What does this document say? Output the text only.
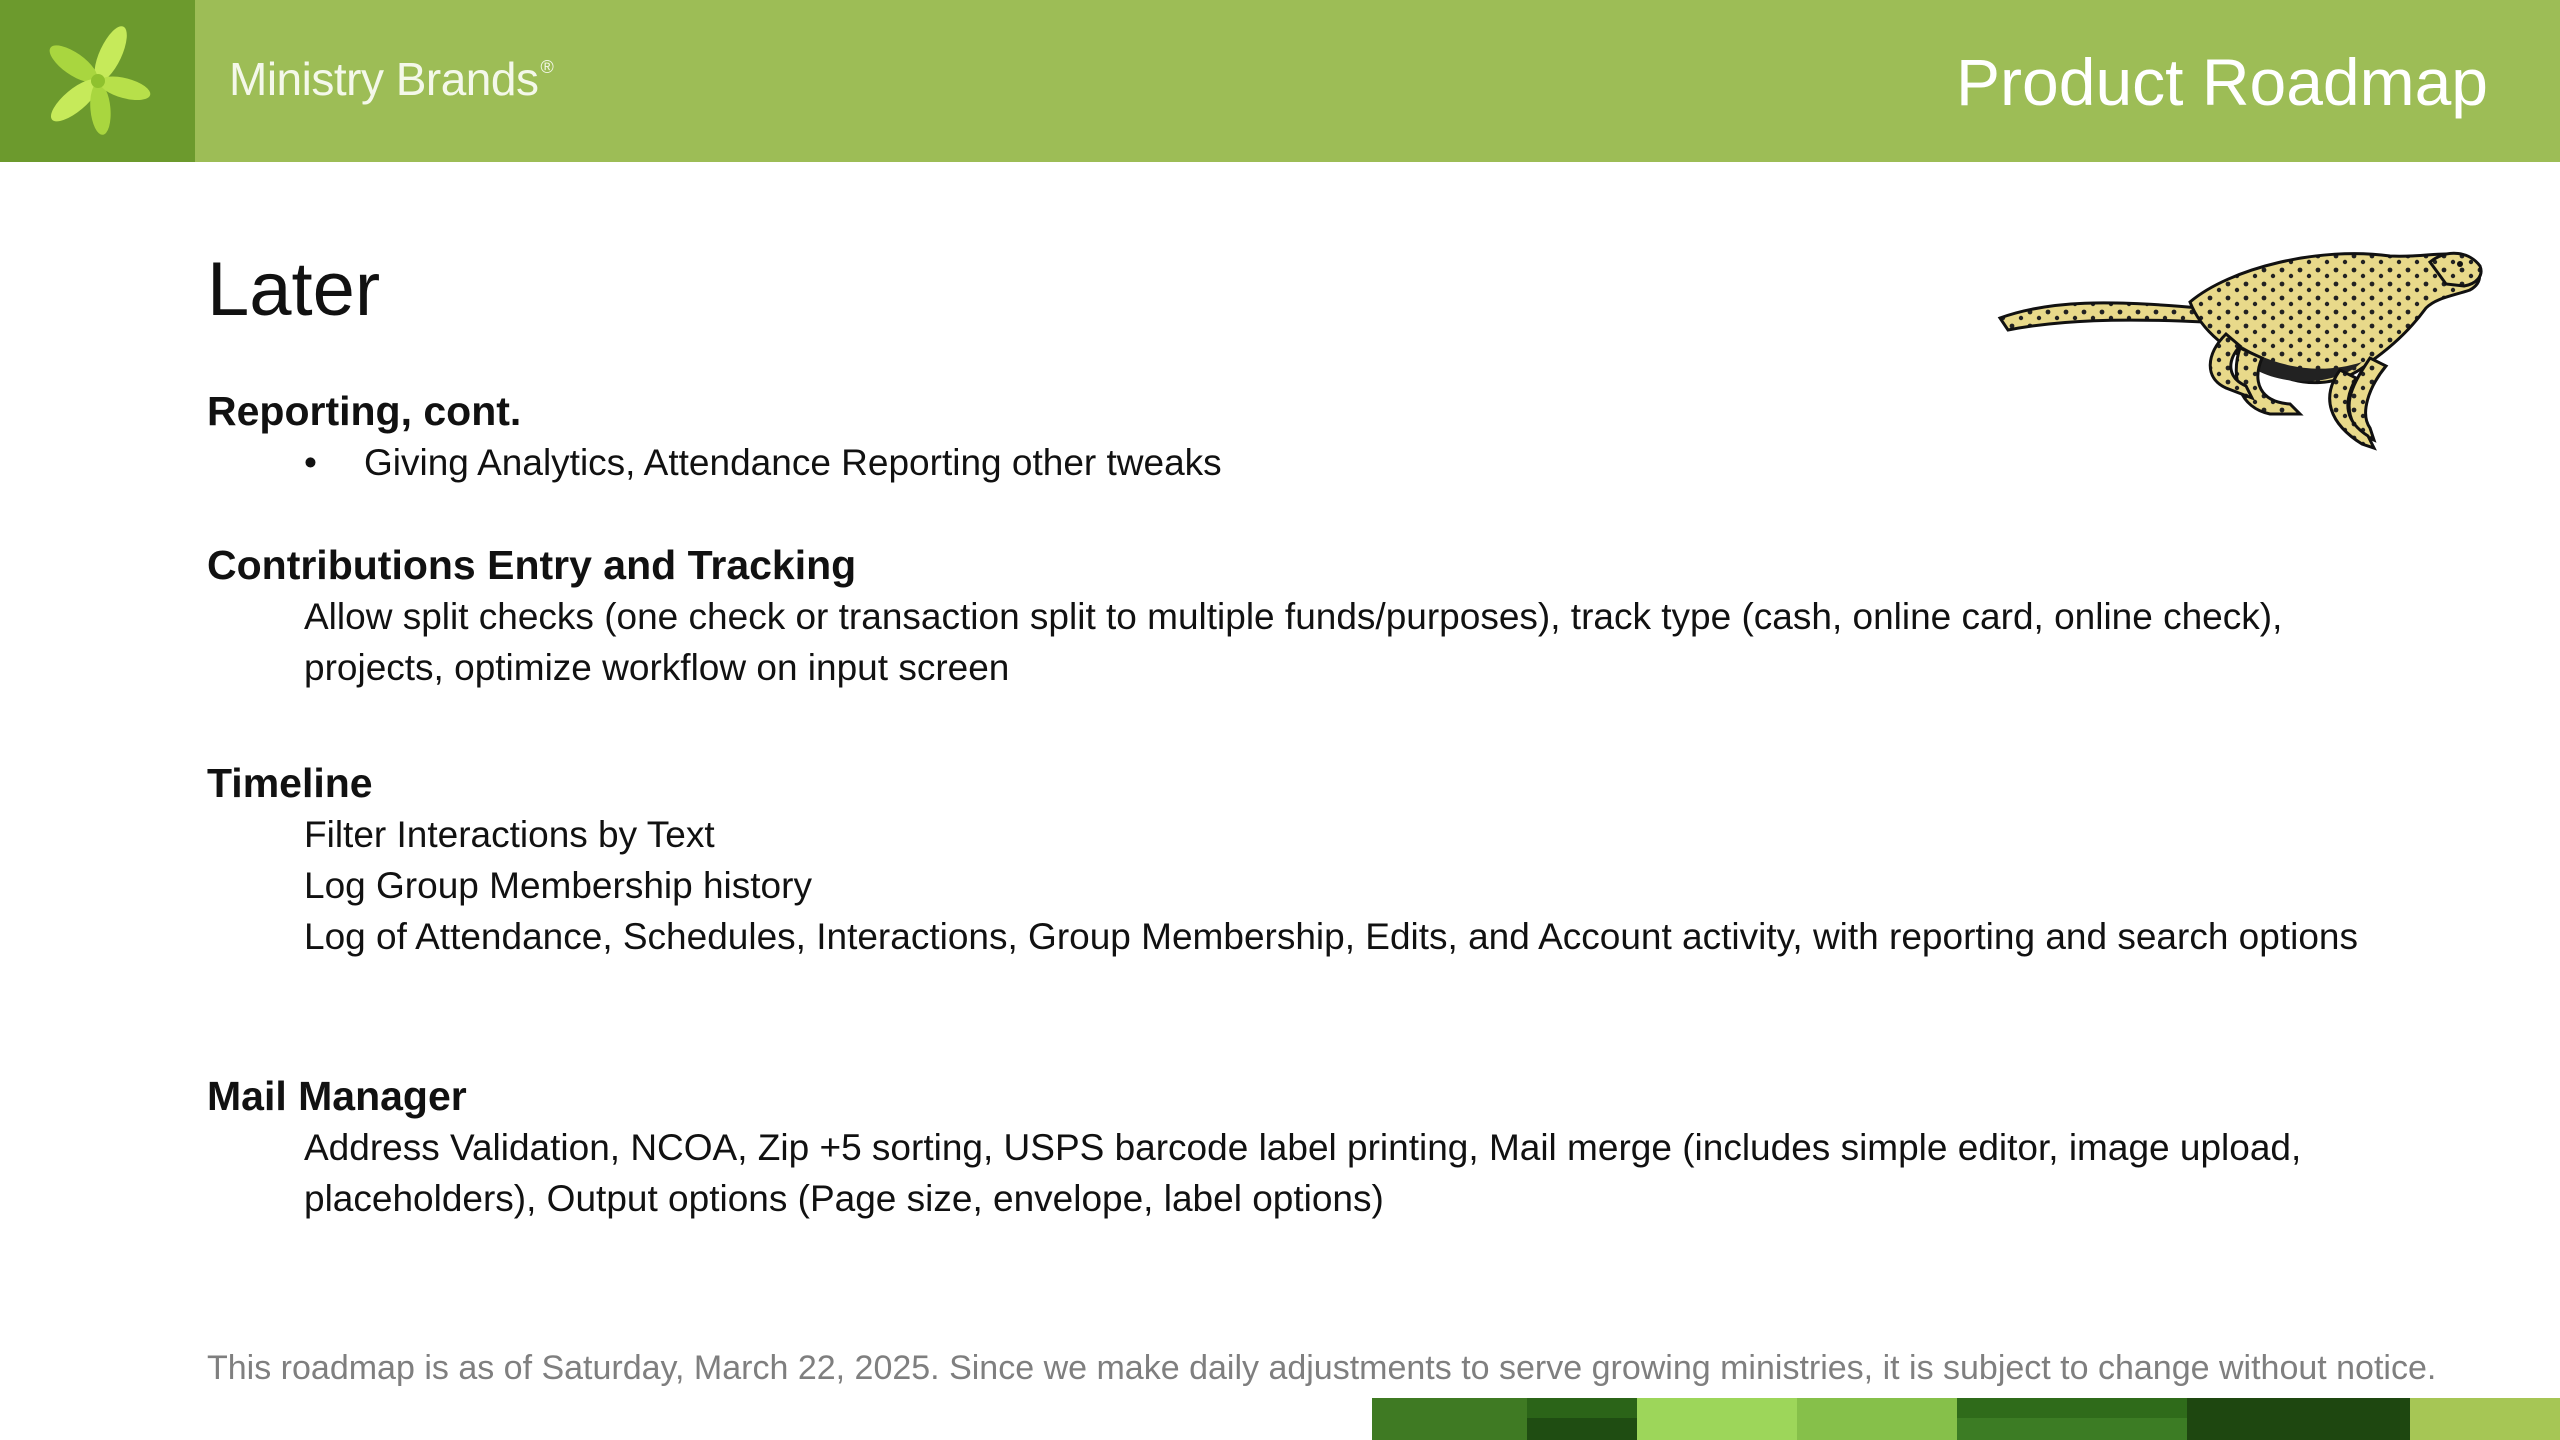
Ministry Brands ®	Product Roadmap
Later
Reporting, cont.
• Giving Analytics, Attendance Reporting other tweaks
Contributions Entry and Tracking
Allow split checks (one check or transaction split to multiple funds/purposes), track type (cash, online card, online check), projects, optimize workflow on input screen
Timeline
Filter Interactions by Text
Log Group Membership history
Log of Attendance, Schedules, Interactions, Group Membership, Edits, and Account activity, with reporting and search options
Mail Manager
Address Validation, NCOA, Zip +5 sorting, USPS barcode label printing, Mail merge (includes simple editor, image upload, placeholders), Output options (Page size, envelope, label options)
This roadmap is as of Saturday, March 22, 2025. Since we make daily adjustments to serve growing ministries, it is subject to change without notice.
